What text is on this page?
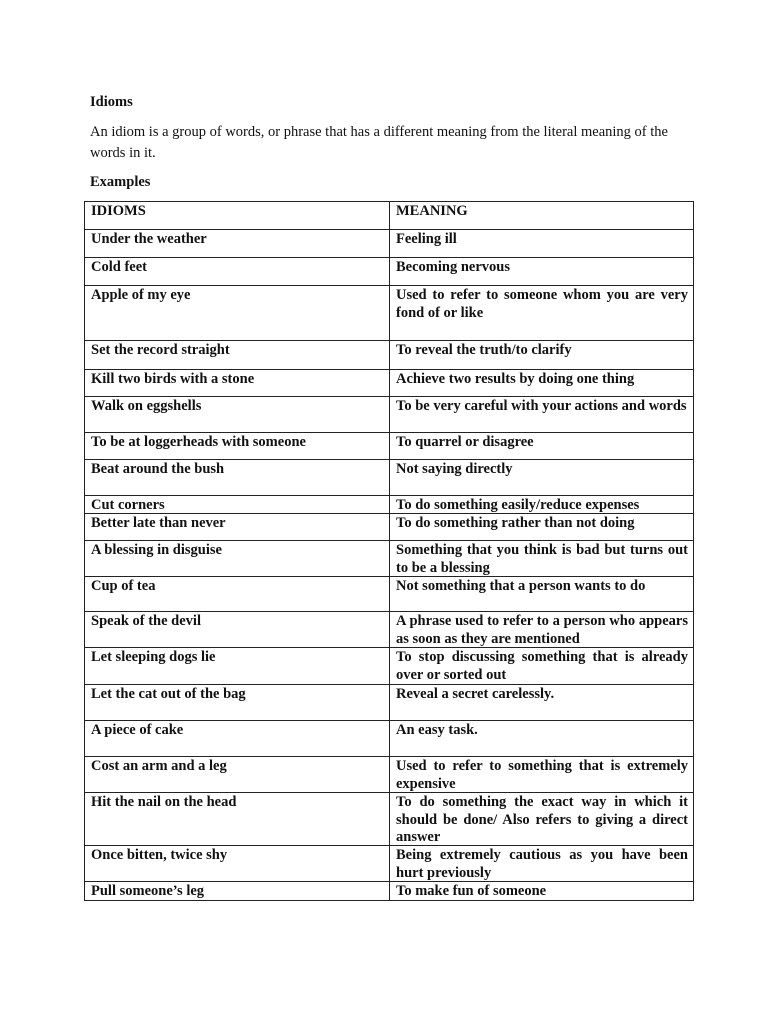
Idioms
An idiom is a group of words, or phrase that has a different meaning from the literal meaning of the words in it.
Examples
IDIOMS	MEANING
Under the weather	Feeling ill
Cold feet	Becoming nervous
Apple of my eye	Used to refer to someone whom you are very fond of or like
Set the record straight	To reveal the truth/to clarify
Kill two birds with a stone	Achieve two results by doing one thing
Walk on eggshells	To be very careful with your actions and words
To be at loggerheads with someone	To quarrel or disagree
Beat around the bush	Not saying directly
Cut corners	To do something easily/reduce expenses
Better late than never	To do something rather than not doing
A blessing in disguise	Something that you think is bad but turns out to be a blessing
Cup of tea	Not something that a person wants to do
Speak of the devil	A phrase used to refer to a person who appears as soon as they are mentioned
Let sleeping dogs lie	To stop discussing something that is already over or sorted out
Let the cat out of the bag	Reveal a secret carelessly.
A piece of cake	An easy task.
Cost an arm and a leg	Used to refer to something that is extremely expensive
Hit the nail on the head	To do something the exact way in which it should be done/ Also refers to giving a direct answer
Once bitten, twice shy	Being extremely cautious as you have been hurt previously
Pull someone’s leg	To make fun of someone
